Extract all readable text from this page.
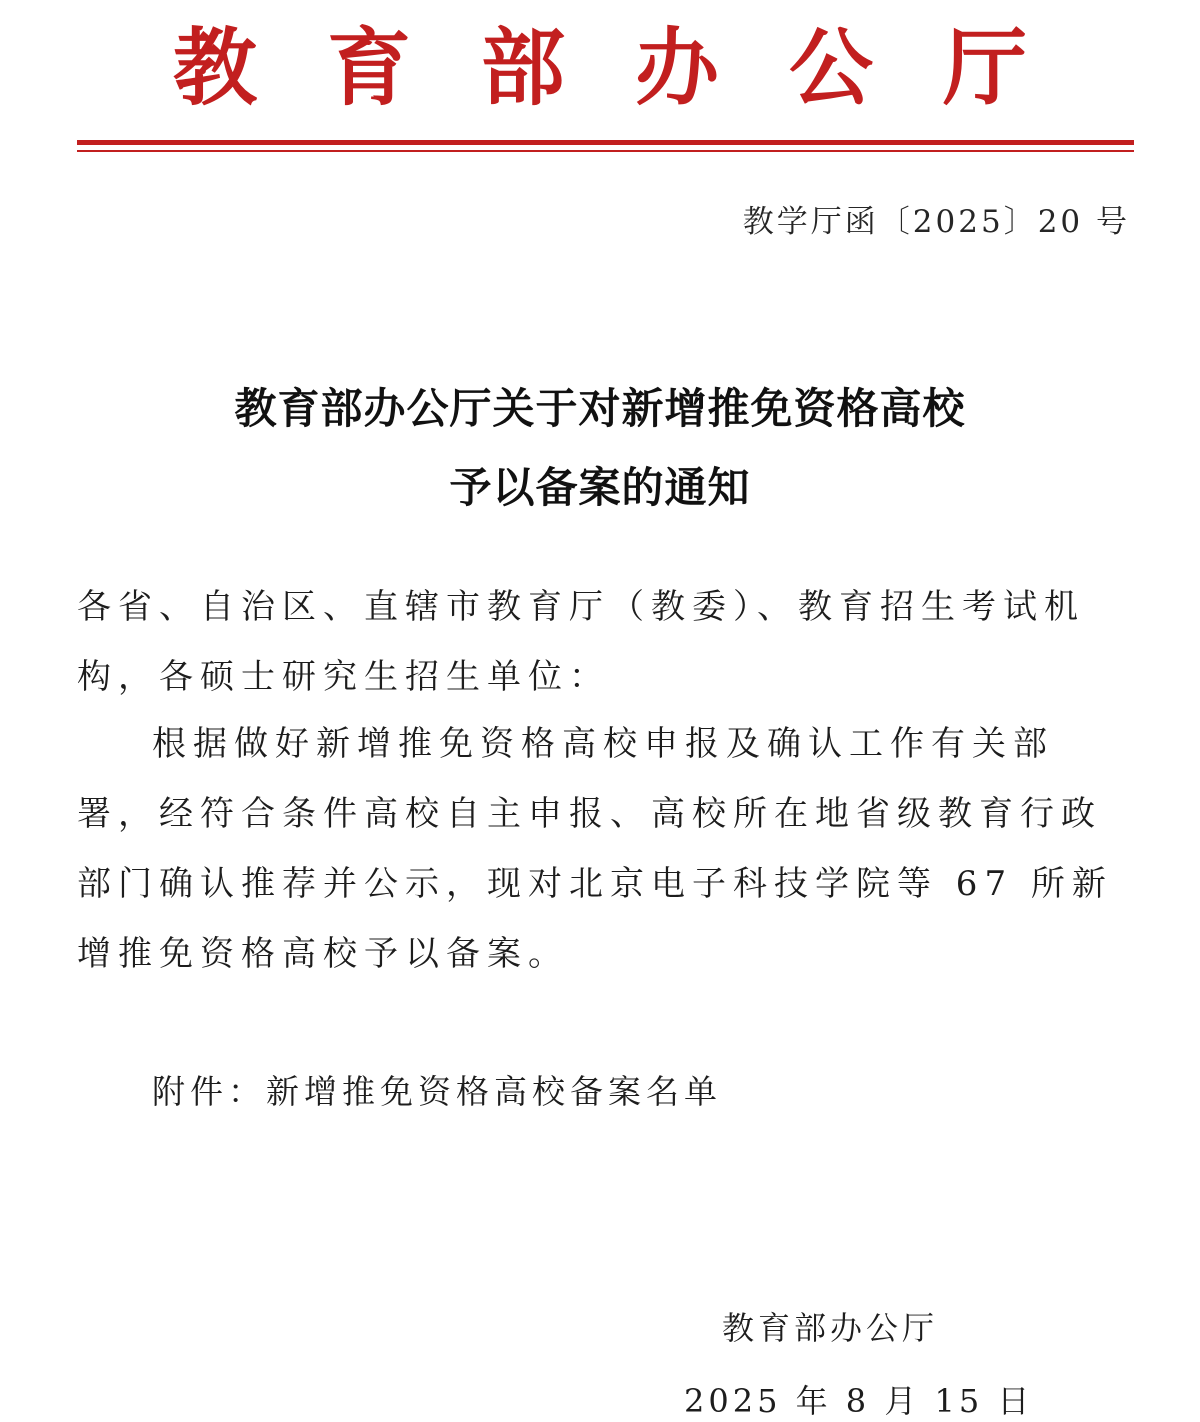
教育部办公厅
教学厅函〔2025〕20 号
教育部办公厅关于对新增推免资格高校
予以备案的通知
各省、自治区、直辖市教育厅（教委）、教育招生考试机构，各硕士研究生招生单位：
根据做好新增推免资格高校申报及确认工作有关部署，经符合条件高校自主申报、高校所在地省级教育行政部门确认推荐并公示，现对北京电子科技学院等 67 所新增推免资格高校予以备案。
附件：新增推免资格高校备案名单
教育部办公厅
2025 年 8 月 15 日
